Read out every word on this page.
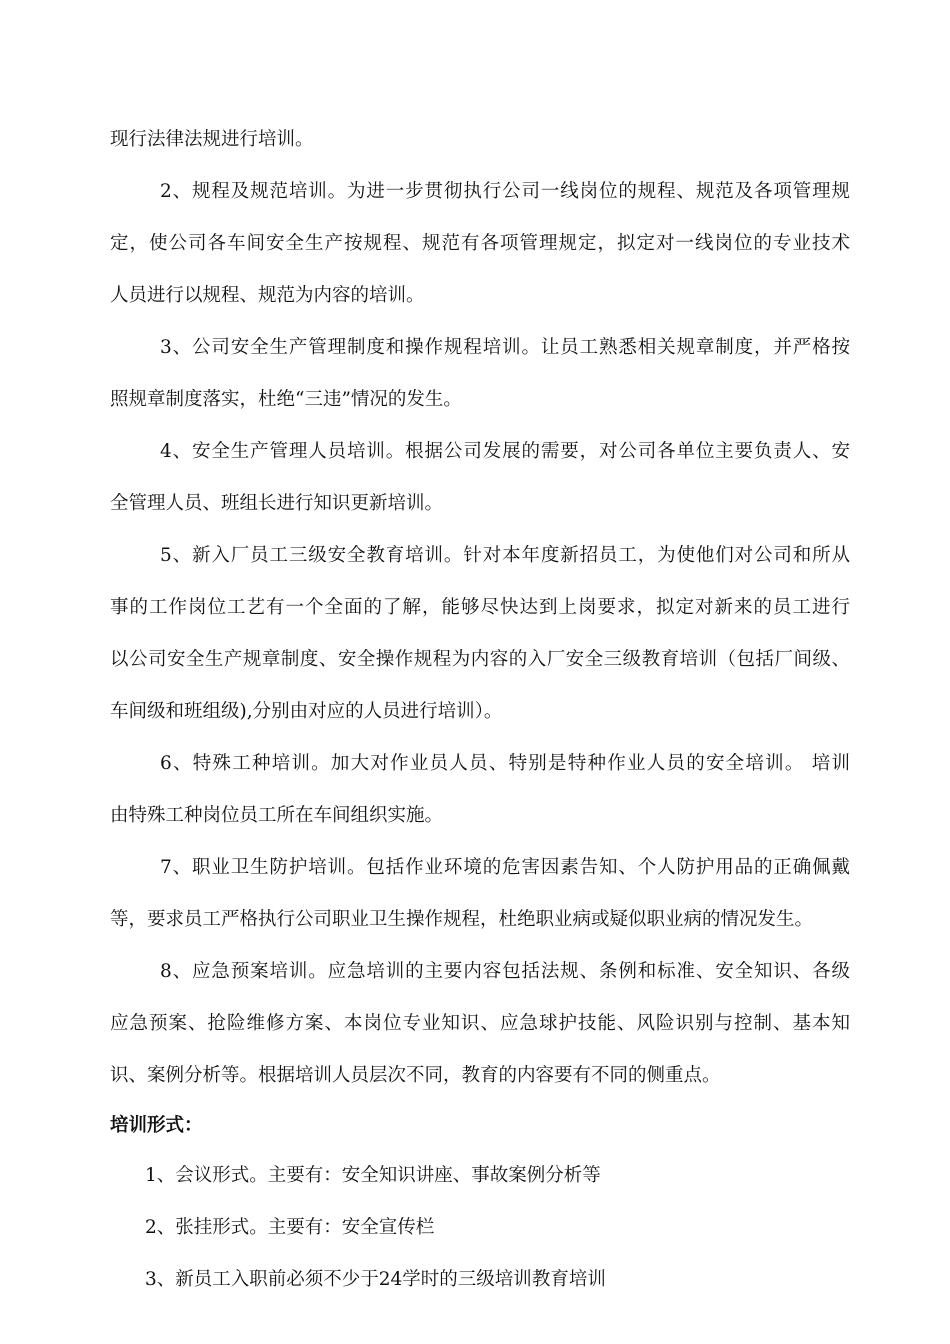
现行法律法规进行培训。

2、规程及规范培训。为进一步贯彻执行公司一线岗位的规程、规范及各项管理规

定，使公司各车间安全生产按规程、规范有各项管理规定，拟定对一线岗位的专业技术

人员进行以规程、规范为内容的培训。

3、公司安全生产管理制度和操作规程培训。让员工熟悉相关规章制度，并严格按

照规章制度落实，杜绝“三违”情况的发生。

4、安全生产管理人员培训。根据公司发展的需要，对公司各单位主要负责人、安

全管理人员、班组长进行知识更新培训。

5、新入厂员工三级安全教育培训。针对本年度新招员工，为使他们对公司和所从

事的工作岗位工艺有一个全面的了解，能够尽快达到上岗要求，拟定对新来的员工进行

以公司安全生产规章制度、安全操作规程为内容的入厂安全三级教育培训（包括厂间级、

车间级和班组级),分别由对应的人员进行培训）。

6、特殊工种培训。加大对作业员人员、特别是特种作业人员的安全培训。 培训

由特殊工种岗位员工所在车间组织实施。

7、职业卫生防护培训。包括作业环境的危害因素告知、个人防护用品的正确佩戴

等，要求员工严格执行公司职业卫生操作规程，杜绝职业病或疑似职业病的情况发生。

8、应急预案培训。应急培训的主要内容包括法规、条例和标准、安全知识、各级

应急预案、抢险维修方案、本岗位专业知识、应急球护技能、风险识别与控制、基本知

识、案例分析等。根据培训人员层次不同，教育的内容要有不同的侧重点。

培训形式：

1、会议形式。主要有：安全知识讲座、事故案例分析等

2、张挂形式。主要有：安全宣传栏

3、新员工入职前必须不少于24学时的三级培训教育培训
